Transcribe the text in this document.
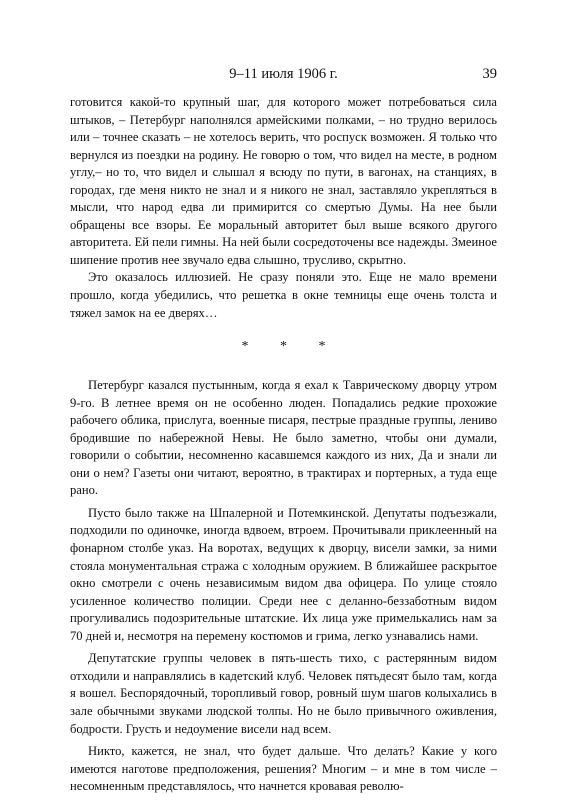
9–11 июля 1906 г.	39

готовится какой-то крупный шаг, для которого может потребоваться сила штыков, – Петербург наполнялся армейскими полками, – но трудно верилось или – точнее сказать – не хотелось верить, что роспуск возможен. Я только что вернулся из поездки на родину. Не говорю о том, что видел на месте, в родном углу,– но то, что видел и слышал я всюду по пути, в вагонах, на станциях, в городах, где меня никто не знал и я никого не знал, заставляло укрепляться в мысли, что народ едва ли примирится со смертью Думы. На нее были обращены все взоры. Ее моральный авторитет был выше всякого другого авторитета. Ей пели гимны. На ней были сосредоточены все надежды. Змеиное шипение против нее звучало едва слышно, трусливо, скрытно.

Это оказалось иллюзией. Не сразу поняли это. Еще не мало времени прошло, когда убедились, что решетка в окне темницы еще очень толста и тяжел замок на ее дверях…

* * *

Петербург казался пустынным, когда я ехал к Таврическому дворцу утром 9-го. В летнее время он не особенно люден. Попадались редкие прохожие рабочего облика, прислуга, военные писаря, пестрые праздные группы, лениво бродившие по набережной Невы. Не было заметно, чтобы они думали, говорили о событии, несомненно касавшемся каждого из них, Да и знали ли они о нем? Газеты они читают, вероятно, в трактирах и портерных, а туда еще рано.

Пусто было также на Шпалерной и Потемкинской. Депутаты подъезжали, подходили по одиночке, иногда вдвоем, втроем. Прочитывали приклеенный на фонарном столбе указ. На воротах, ведущих к дворцу, висели замки, за ними стояла монументальная стража с холодным оружием. В ближайшее раскрытое окно смотрели с очень независимым видом два офицера. По улице стояло усиленное количество полиции. Среди нее с деланно-беззаботным видом прогуливались подозрительные штатские. Их лица уже примелькались нам за 70 дней и, несмотря на перемену костюмов и грима, легко узнавались нами.

Депутатские группы человек в пять-шесть тихо, с растерянным видом отходили и направлялись в кадетский клуб. Человек пятьдесят было там, когда я вошел. Беспорядочный, торопливый говор, ровный шум шагов колыхались в зале обычными звуками людской толпы. Но не было привычного оживления, бодрости. Грусть и недоумение висели над всем.

Никто, кажется, не знал, что будет дальше. Что делать? Какие у кого имеются наготове предположения, решения? Многим – и мне в том числе – несомненным представлялось, что начнется кровавая револю-
